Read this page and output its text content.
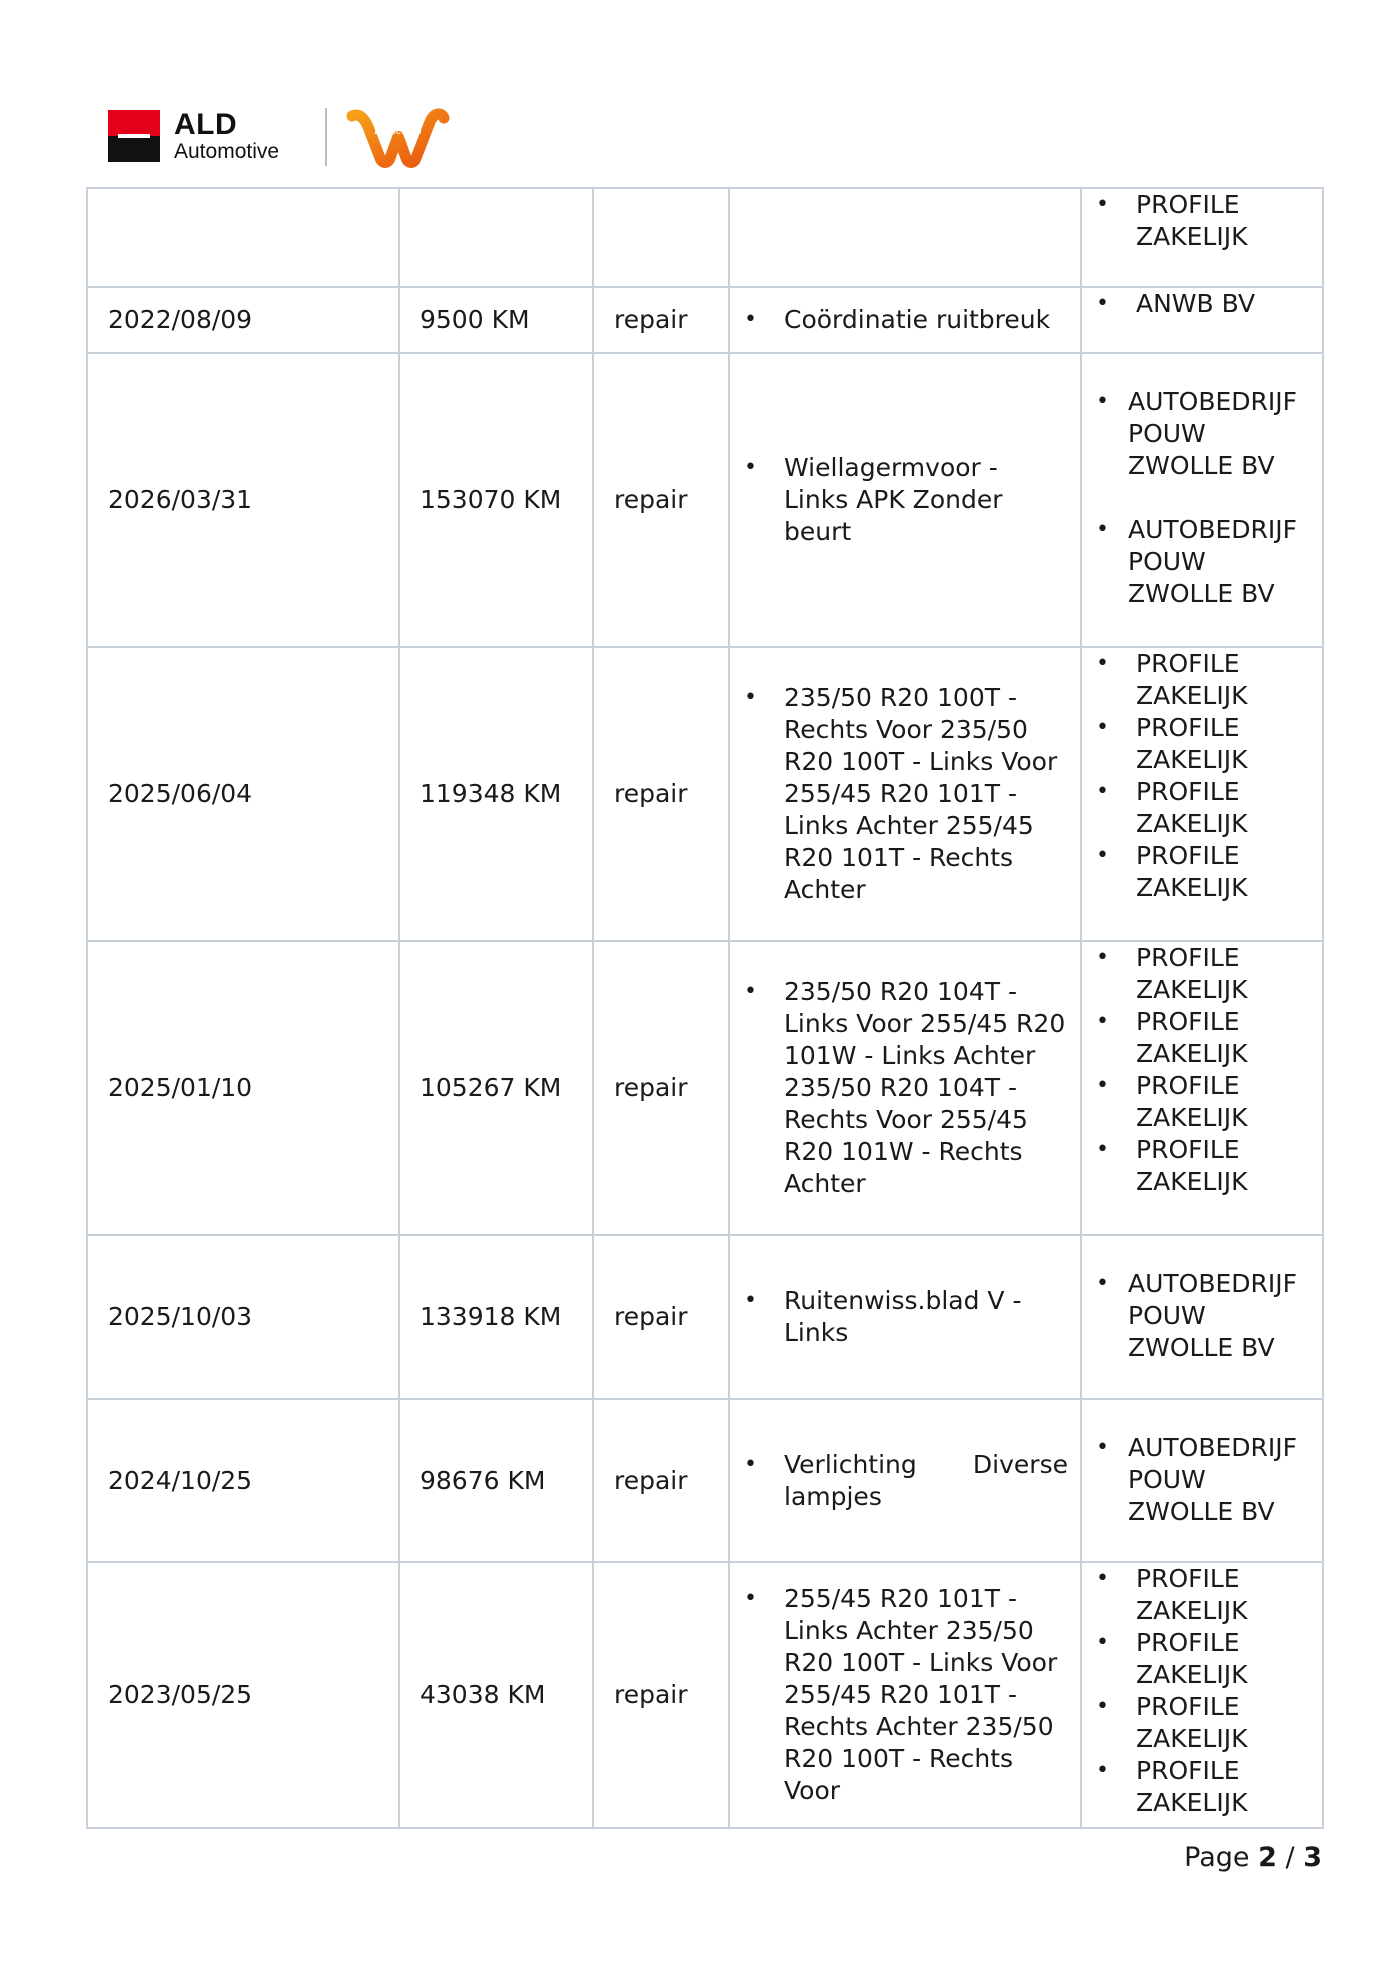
ALD
Automotive
LeasePlan

				• PROFILE ZAKELIJK

2022/08/09	9500 KM	repair	• Coördinatie ruitbreuk	• ANWB BV

2026/03/31	153070 KM	repair	• Wiellagermvoor - Links APK Zonder beurt	• AUTOBEDRIJF POUW ZWOLLE BV
• AUTOBEDRIJF POUW ZWOLLE BV

2025/06/04	119348 KM	repair	• 235/50 R20 100T - Rechts Voor 235/50 R20 100T - Links Voor 255/45 R20 101T - Links Achter 255/45 R20 101T - Rechts Achter	• PROFILE ZAKELIJK
• PROFILE ZAKELIJK
• PROFILE ZAKELIJK
• PROFILE ZAKELIJK

2025/01/10	105267 KM	repair	• 235/50 R20 104T - Links Voor 255/45 R20 101W - Links Achter 235/50 R20 104T - Rechts Voor 255/45 R20 101W - Rechts Achter	• PROFILE ZAKELIJK
• PROFILE ZAKELIJK
• PROFILE ZAKELIJK
• PROFILE ZAKELIJK

2025/10/03	133918 KM	repair	• Ruitenwiss.blad V - Links	• AUTOBEDRIJF POUW ZWOLLE BV

2024/10/25	98676 KM	repair	• Verlichting Diverse lampjes	• AUTOBEDRIJF POUW ZWOLLE BV

2023/05/25	43038 KM	repair	• 255/45 R20 101T - Links Achter 235/50 R20 100T - Links Voor 255/45 R20 101T - Rechts Achter 235/50 R20 100T - Rechts Voor	• PROFILE ZAKELIJK
• PROFILE ZAKELIJK
• PROFILE ZAKELIJK
• PROFILE ZAKELIJK
Page 2 / 3
